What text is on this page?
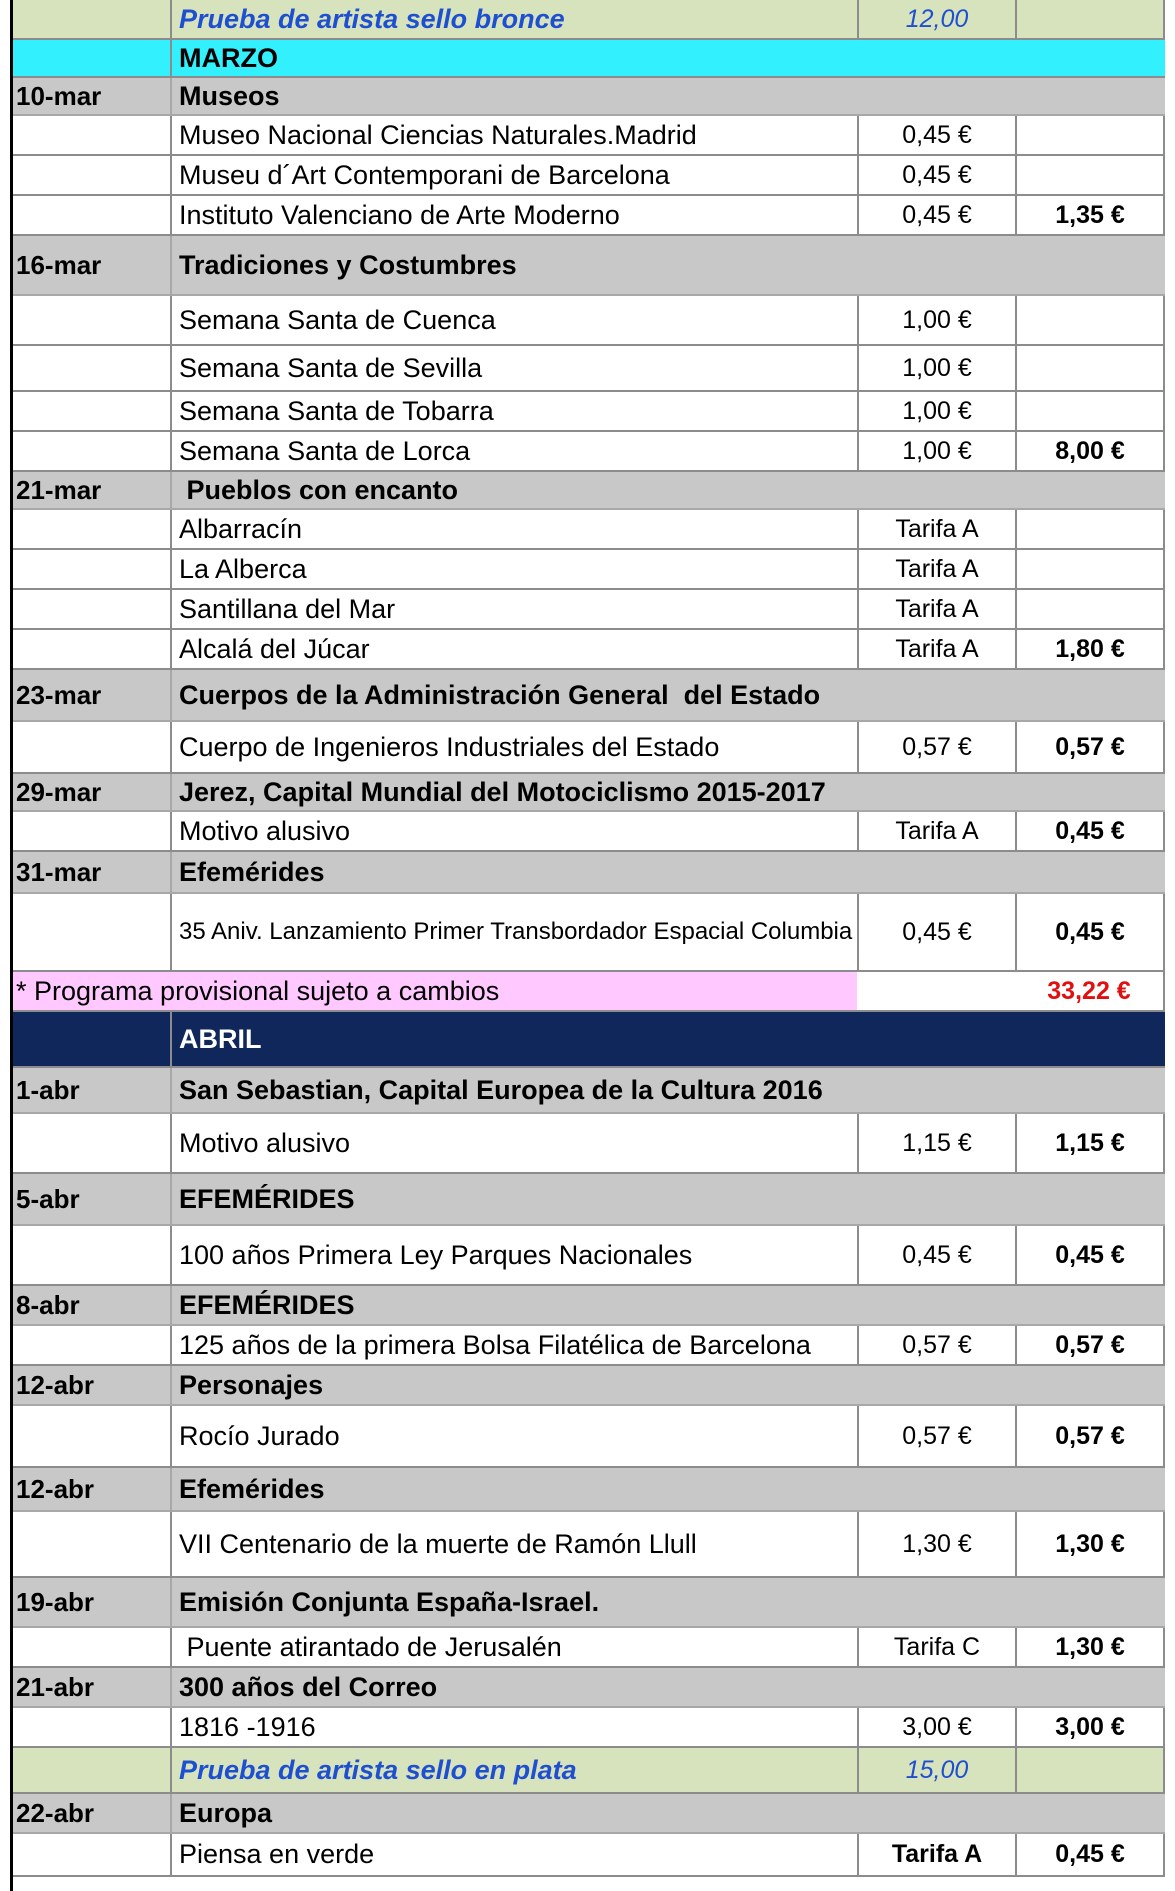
Prueba de artista sello bronce	12,00
MARZO
10-mar	Museos
Museo Nacional Ciencias Naturales.Madrid	0,45 €
Museu d´Art Contemporani de Barcelona	0,45 €
Instituto Valenciano de Arte Moderno	0,45 €	1,35 €
16-mar	Tradiciones y Costumbres
Semana Santa de Cuenca	1,00 €
Semana Santa de Sevilla	1,00 €
Semana Santa de Tobarra	1,00 €
Semana Santa de Lorca	1,00 €	8,00 €
21-mar	Pueblos con encanto
Albarracín	Tarifa A
La Alberca	Tarifa A
Santillana del Mar	Tarifa A
Alcalá del Júcar	Tarifa A	1,80 €
23-mar	Cuerpos de la Administración General  del Estado
Cuerpo de Ingenieros Industriales del Estado	0,57 €	0,57 €
29-mar	Jerez, Capital Mundial del Motociclismo 2015-2017
Motivo alusivo	Tarifa A	0,45 €
31-mar	Efemérides
35 Aniv. Lanzamiento Primer Transbordador Espacial Columbia	0,45 €	0,45 €
* Programa provisional sujeto a cambios	33,22 €
ABRIL
1-abr	San Sebastian, Capital Europea de la Cultura 2016
Motivo alusivo	1,15 €	1,15 €
5-abr	EFEMÉRIDES
100 años Primera Ley Parques Nacionales	0,45 €	0,45 €
8-abr	EFEMÉRIDES
125 años de la primera Bolsa Filatélica de Barcelona	0,57 €	0,57 €
12-abr	Personajes
Rocío Jurado	0,57 €	0,57 €
12-abr	Efemérides
VII Centenario de la muerte de Ramón Llull	1,30 €	1,30 €
19-abr	Emisión Conjunta España-Israel.
Puente atirantado de Jerusalén	Tarifa C	1,30 €
21-abr	300 años del Correo
1816 -1916	3,00 €	3,00 €
Prueba de artista sello en plata	15,00
22-abr	Europa
Piensa en verde	Tarifa A	0,45 €
